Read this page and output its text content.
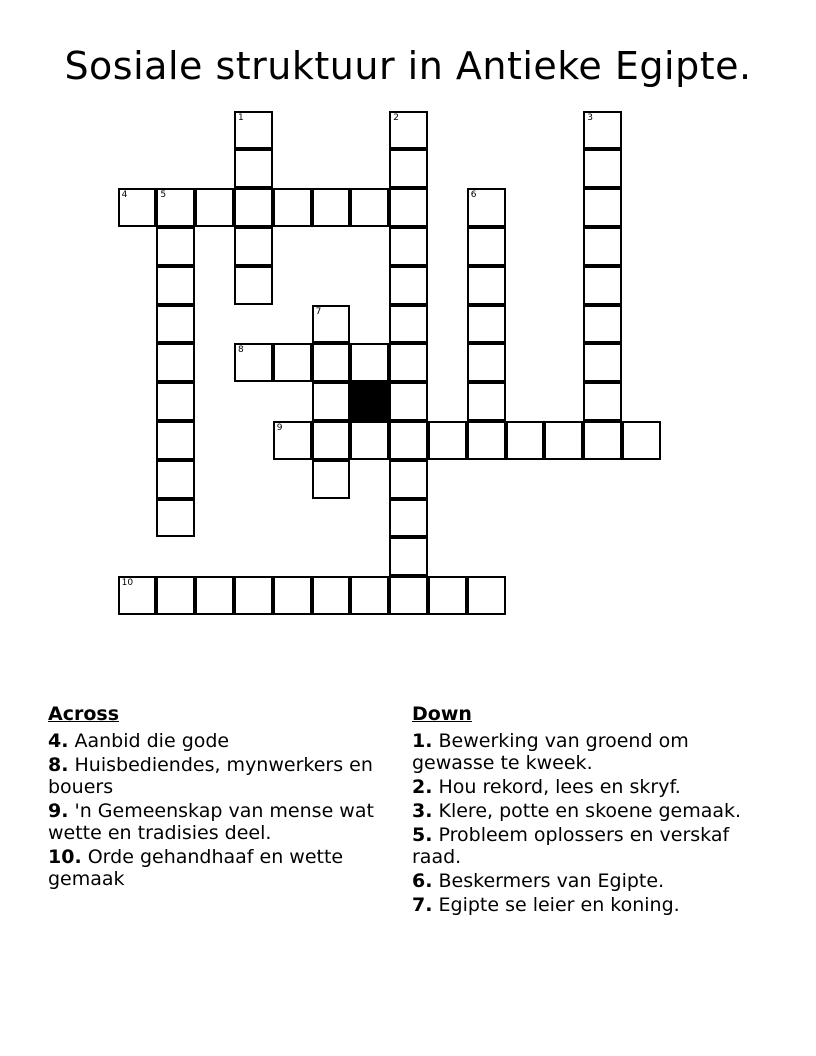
Sosiale struktuur in Antieke Egipte.
1	2	3
4	5	6
7
8
9
10
Across
4. Aanbid die gode
8. Huisbediendes, mynwerkers en bouers
9. 'n Gemeenskap van mense wat wette en tradisies deel.
10. Orde gehandhaaf en wette gemaak
Down
1. Bewerking van groend om gewasse te kweek.
2. Hou rekord, lees en skryf.
3. Klere, potte en skoene gemaak.
5. Probleem oplossers en verskaf raad.
6. Beskermers van Egipte.
7. Egipte se leier en koning.
